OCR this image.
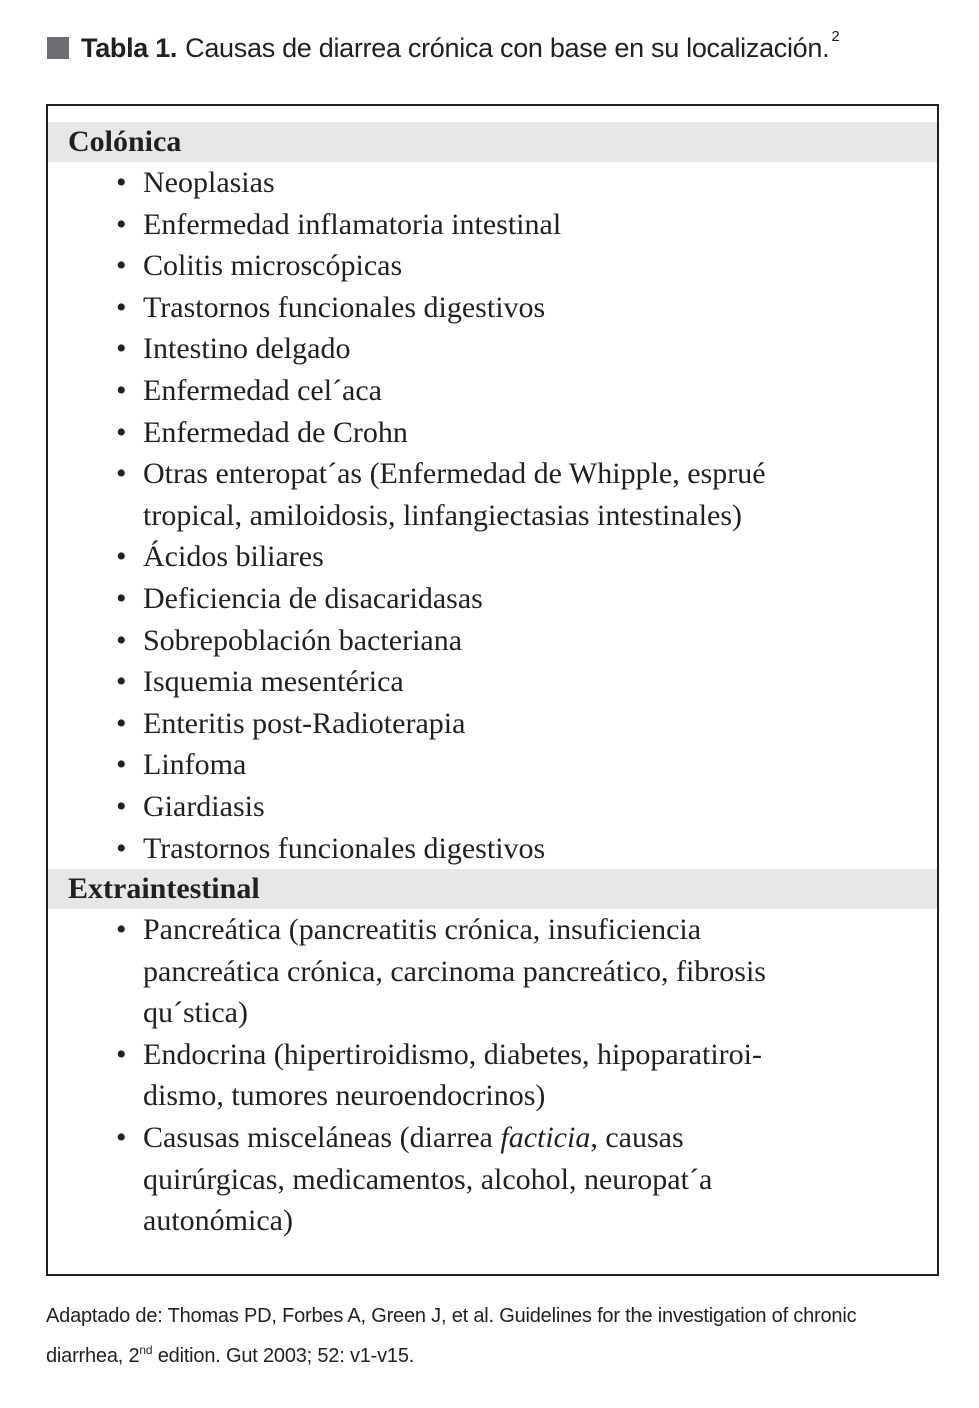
Tabla 1. Causas de diarrea crónica con base en su localización.$^2$
Colónica
• Neoplasias
• Enfermedad inflamatoria intestinal
• Colitis microscópicas
• Trastornos funcionales digestivos
• Intestino delgado
• Enfermedad cel´aca
• Enfermedad de Crohn
• Otras enteropat´as (Enfermedad de Whipple, esprué
tropical, amiloidosis, linfangiectasias intestinales)
• Ácidos biliares
• Deficiencia de disacaridasas
• Sobrepoblación bacteriana
• Isquemia mesentérica
• Enteritis post-Radioterapia
• Linfoma
• Giardiasis
• Trastornos funcionales digestivos
Extraintestinal
• Pancreática (pancreatitis crónica, insuficiencia
pancreática crónica, carcinoma pancreático, fibrosis
qu´stica)
• Endocrina (hipertiroidismo, diabetes, hipoparatiroi-
dismo, tumores neuroendocrinos)
• Casusas misceláneas (diarrea facticia, causas
quirúrgicas, medicamentos, alcohol, neuropat´a
autonómica)
Adaptado de: Thomas PD, Forbes A, Green J, et al. Guidelines for the investigation of chronic
diarrhea, 2nd edition. Gut 2003; 52: v1-v15.
